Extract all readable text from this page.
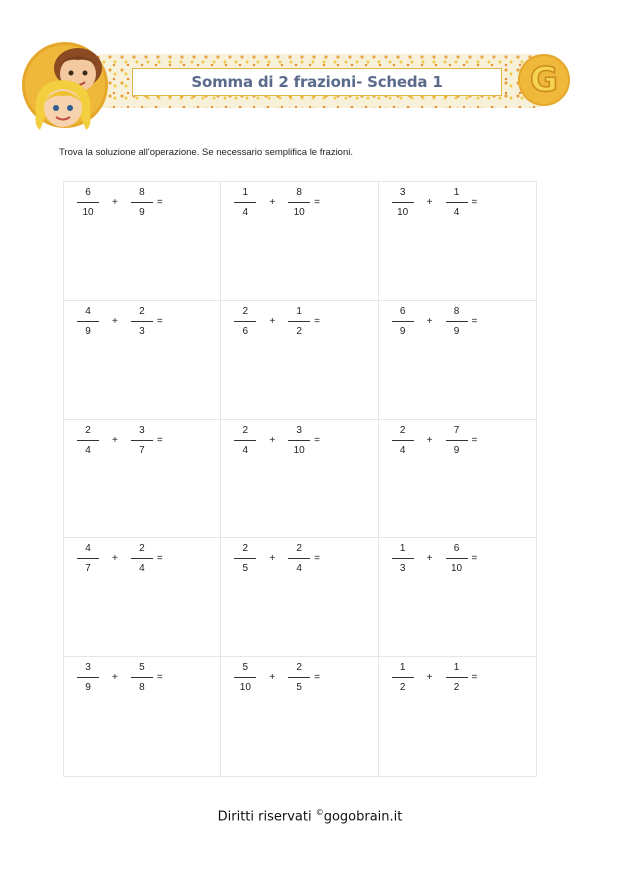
Somma di 2 frazioni- Scheda 1	G
Trova la soluzione all'operazione. Se necessario semplifica le frazioni.
$\frac{6}{10} + \frac{8}{9}$ =	$\frac{1}{4} + \frac{8}{10}$ =	$\frac{3}{10} + \frac{1}{4}$ =
$\frac{4}{9} + \frac{2}{3}$ =	$\frac{2}{6} + \frac{1}{2}$ =	$\frac{6}{9} + \frac{8}{9}$ =
$\frac{2}{4} + \frac{3}{7}$ =	$\frac{2}{4} + \frac{3}{10}$ =	$\frac{2}{4} + \frac{7}{9}$ =
$\frac{4}{7} + \frac{2}{4}$ =	$\frac{2}{5} + \frac{2}{4}$ =	$\frac{1}{3} + \frac{6}{10}$ =
$\frac{3}{9} + \frac{5}{8}$ =	$\frac{5}{10} + \frac{2}{5}$ =	$\frac{1}{2} + \frac{1}{2}$ =
Diritti riservati ©gogobrain.it
